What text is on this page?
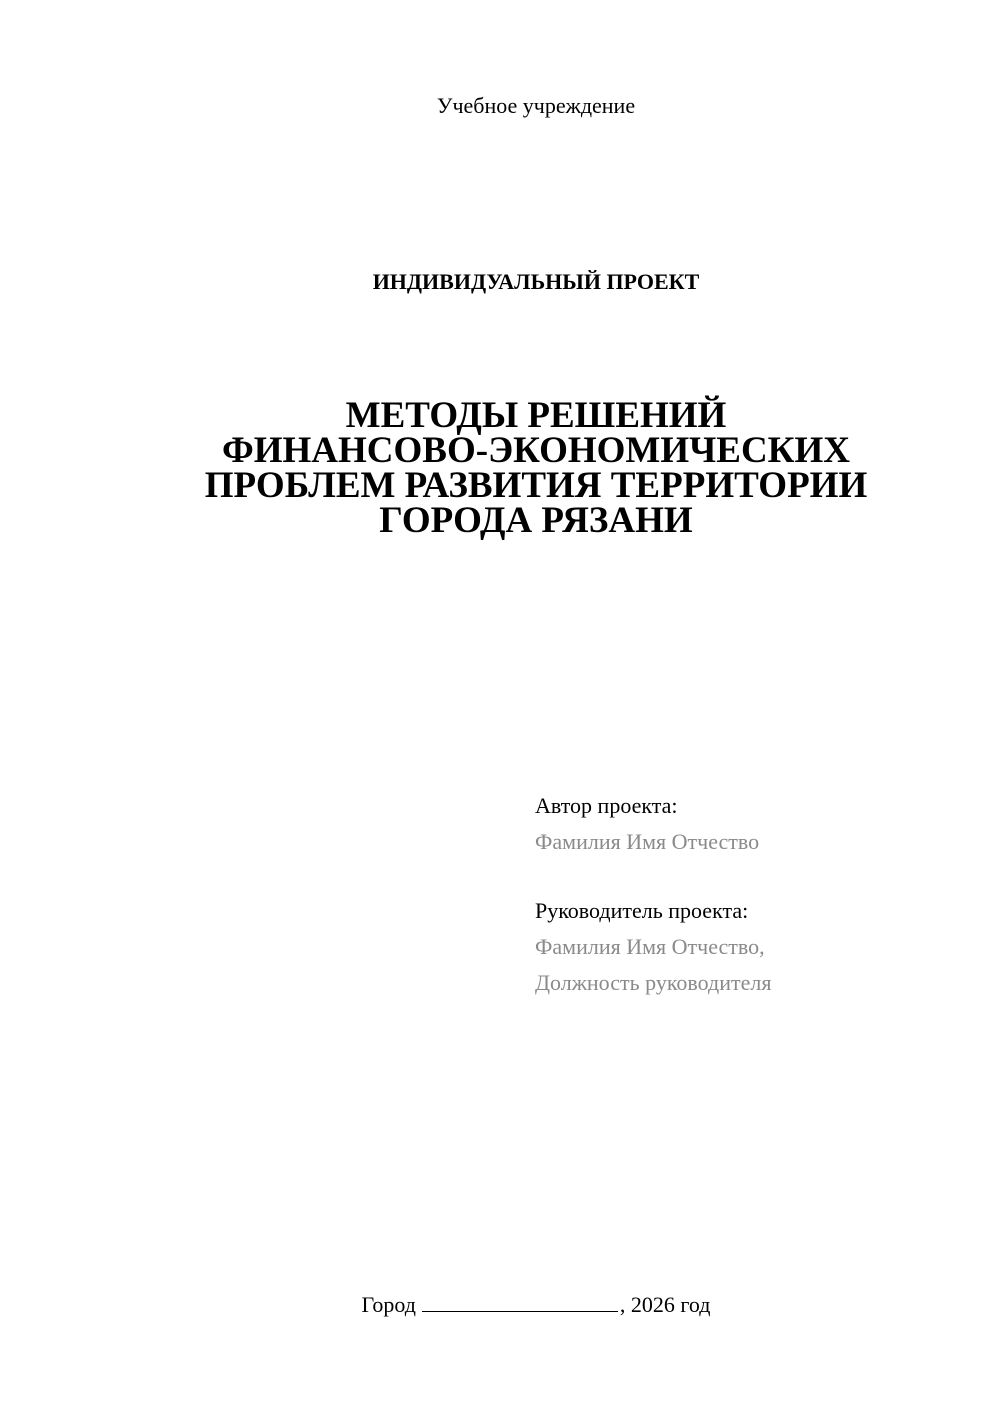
Учебное учреждение
ИНДИВИДУАЛЬНЫЙ ПРОЕКТ
МЕТОДЫ РЕШЕНИЙ
ФИНАНСОВО-ЭКОНОМИЧЕСКИХ
ПРОБЛЕМ РАЗВИТИЯ ТЕРРИТОРИИ
ГОРОДА РЯЗАНИ
Автор проекта:
Фамилия Имя Отчество
Руководитель проекта:
Фамилия Имя Отчество,
Должность руководителя
Город	, 2026 год
